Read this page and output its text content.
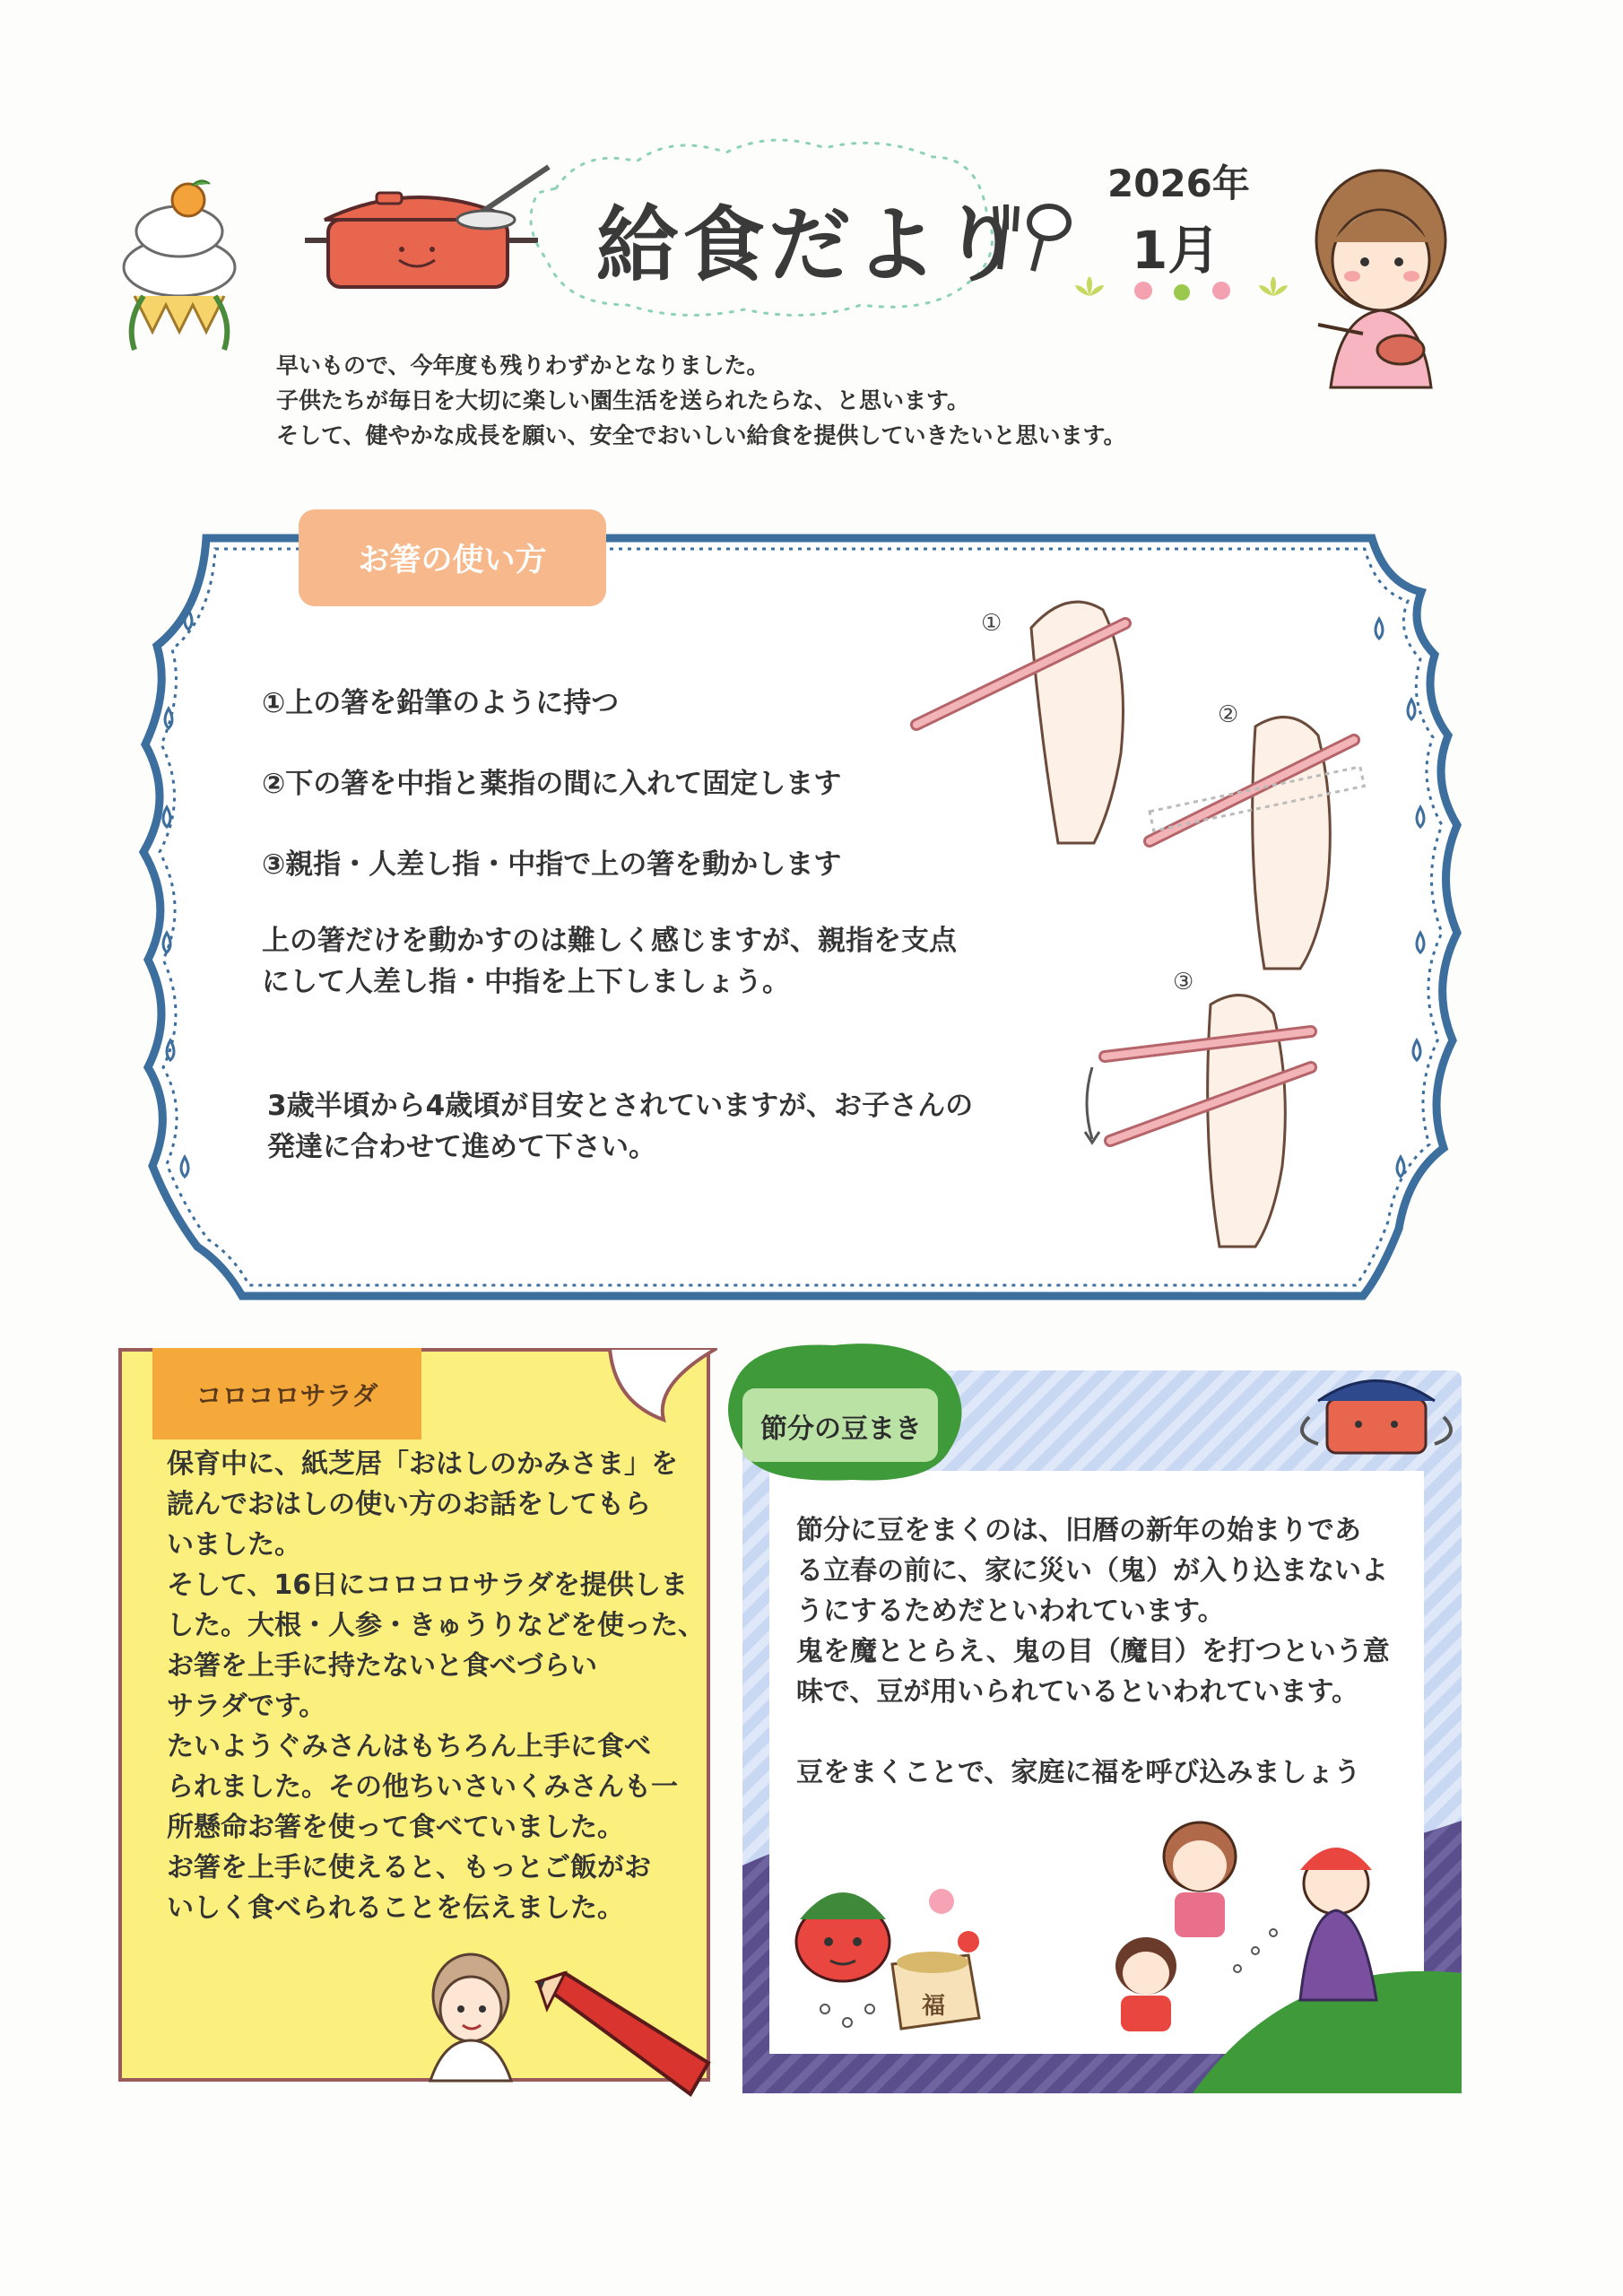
給食だより
2026年
1月
早いもので、今年度も残りわずかとなりました。
子供たちが毎日を大切に楽しい園生活を送られたらな、と思います。
そして、健やかな成長を願い、安全でおいしい給食を提供していきたいと思います。
お箸の使い方
①
②
③
①上の箸を鉛筆のように持つ
②下の箸を中指と薬指の間に入れて固定します
③親指・人差し指・中指で上の箸を動かします
上の箸だけを動かすのは難しく感じますが、親指を支点
にして人差し指・中指を上下しましょう。
3歳半頃から4歳頃が目安とされていますが、お子さんの
発達に合わせて進めて下さい。
コロコロサラダ
保育中に、紙芝居「おはしのかみさま」を
読んでおはしの使い方のお話をしてもら
いました。
そして、16日にコロコロサラダを提供しま
した。大根・人参・きゅうりなどを使った、
お箸を上手に持たないと食べづらい
サラダです。
たいようぐみさんはもちろん上手に食べ
られました。その他ちいさいくみさんも一
所懸命お箸を使って食べていました。
お箸を上手に使えると、もっとご飯がお
いしく食べられることを伝えました。
節分の豆まき
福
節分に豆をまくのは、旧暦の新年の始まりであ
る立春の前に、家に災い（鬼）が入り込まないよ
うにするためだといわれています。
鬼を魔ととらえ、鬼の目（魔目）を打つという意
味で、豆が用いられているといわれています。
豆をまくことで、家庭に福を呼び込みましょう
